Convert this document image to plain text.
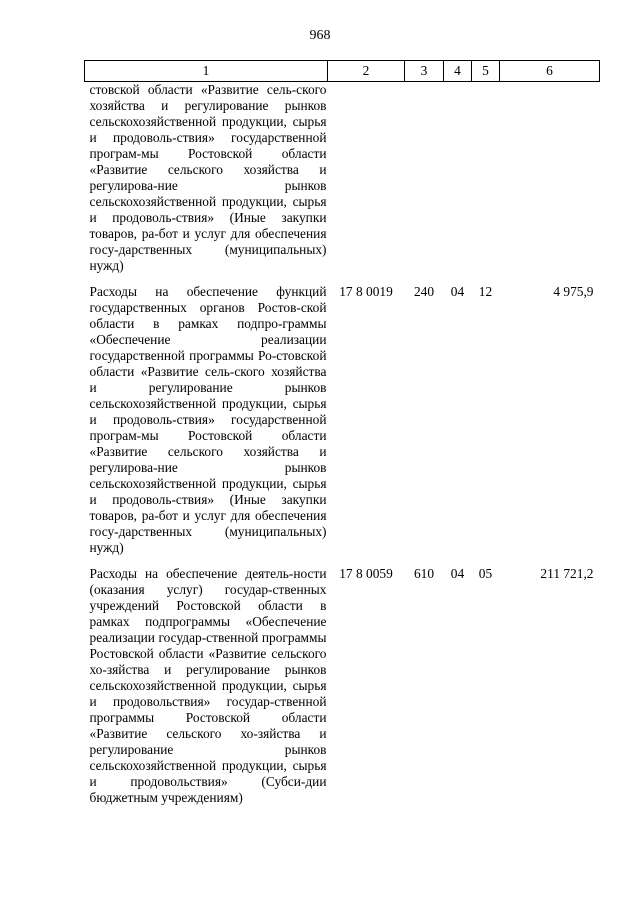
968
1	2	3	4	5	6
стовской области «Развитие сель-ского хозяйства и регулирование рынков сельскохозяйственной продукции, сырья и продоволь-ствия» государственной програм-мы Ростовской области «Развитие сельского хозяйства и регулирова-ние рынков сельскохозяйственной продукции, сырья и продоволь-ствия» (Иные закупки товаров, ра-бот и услуг для обеспечения госу-дарственных (муниципальных) нужд)					
Расходы на обеспечение функций государственных органов Ростов-ской области в рамках подпро-граммы «Обеспечение реализации государственной программы Ро-стовской области «Развитие сель-ского хозяйства и регулирование рынков сельскохозяйственной продукции, сырья и продоволь-ствия» государственной програм-мы Ростовской области «Развитие сельского хозяйства и регулирова-ние рынков сельскохозяйственной продукции, сырья и продоволь-ствия» (Иные закупки товаров, ра-бот и услуг для обеспечения госу-дарственных (муниципальных) нужд)	17 8 0019	240	04	12	4 975,9
Расходы на обеспечение деятель-ности (оказания услуг) государ-ственных учреждений Ростовской области в рамках подпрограммы «Обеспечение реализации государ-ственной программы Ростовской области «Развитие сельского хо-зяйства и регулирование рынков сельскохозяйственной продукции, сырья и продовольствия» государ-ственной программы Ростовской области «Развитие сельского хо-зяйства и регулирование рынков сельскохозяйственной продукции, сырья и продовольствия» (Субси-дии бюджетным учреждениям)	17 8 0059	610	04	05	211 721,2
